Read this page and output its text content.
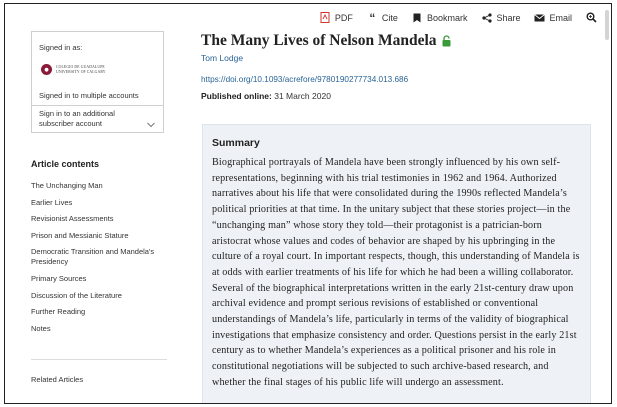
PDF “ Cite	Bookmark	Share	Email
Signed in as:
●	COLEGIO DE GUADALUPE
UNIVERSITY OF CALGARY
Signed in to multiple accounts
Sign in to an additional subscriber account
Article contents
The Unchanging Man
Earlier Lives
Revisionist Assessments
Prison and Messianic Stature
Democratic Transition and Mandela's Presidency
Primary Sources
Discussion of the Literature
Further Reading
Notes
Related Articles
The Many Lives of Nelson Mandela
Tom Lodge
https://doi.org/10.1093/acrefore/9780190277734.013.686
Published online: 31 March 2020
Summary
Biographical portrayals of Mandela have been strongly influenced by his own self-representations, beginning with his trial testimonies in 1962 and 1964. Authorized narratives about his life that were consolidated during the 1990s reflected Mandela’s political priorities at that time. In the unitary subject that these stories project—in the “unchanging man” whose story they told—their protagonist is a patrician-born aristocrat whose values and codes of behavior are shaped by his upbringing in the culture of a royal court. In important respects, though, this understanding of Mandela is at odds with earlier treatments of his life for which he had been a willing collaborator. Several of the biographical interpretations written in the early 21st-century draw upon archival evidence and prompt serious revisions of established or conventional understandings of Mandela’s life, particularly in terms of the validity of biographical investigations that emphasize consistency and order. Questions persist in the early 21st century as to whether Mandela’s experiences as a political prisoner and his role in constitutional negotiations will be subjected to such archive-based research, and whether the final stages of his public life will undergo an assessment.
